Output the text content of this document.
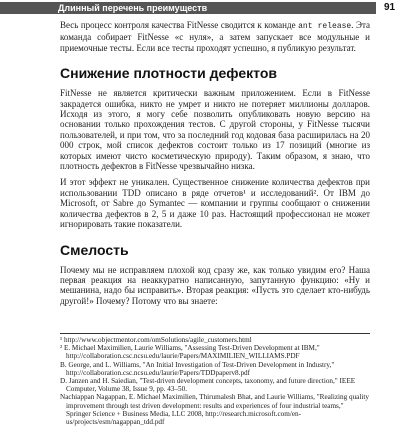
Длинный перечень преимуществ	91

Весь процесс контроля качества FitNesse сводится к команде ant release. Эта команда собирает FitNesse «с нуля», а затем запускает все модульные и приемочные тесты. Если все тесты проходят успешно, я публикую результат.

Снижение плотности дефектов

FitNesse не является критически важным приложением. Если в FitNesse закрадется ошибка, никто не умрет и никто не потеряет миллионы долларов. Исходя из этого, я могу себе позволить опубликовать новую версию на основании только прохождения тестов. С другой стороны, у FitNesse тысячи пользователей, и при том, что за последний год кодовая база расширилась на 20 000 строк, мой список дефектов состоит только из 17 позиций (многие из которых имеют чисто косметическую природу). Таким образом, я знаю, что плотность дефектов в FitNesse чрезвычайно низка.

И этот эффект не уникален. Существенное снижение количества дефектов при использовании TDD описано в ряде отчетов¹ и исследований². От IBM до Microsoft, от Sabre до Symantec — компании и группы сообщают о снижении количества дефектов в 2, 5 и даже 10 раз. Настоящий профессионал не может игнорировать такие показатели.

Смелость

Почему мы не исправляем плохой код сразу же, как только увидим его? Наша первая реакция на неаккуратно написанную, запутанную функцию: «Ну и мешанина, надо бы исправить». Вторая реакция: «Пусть это сделает кто-нибудь другой!» Почему? Потому что вы знаете:

¹ http://www.objectmentor.com/omSolutions/agile_customers.html

² E. Michael Maximilien, Laurie Williams, "Assessing Test-Driven Development at IBM," http://collaboration.csc.ncsu.edu/laurie/Papers/MAXIMILIEN_WILLIAMS.PDF

B. George, and L. Williams, "An Initial Investigation of Test-Driven Development in Industry," http://collaboration.csc.ncsu.edu/laurie/Papers/TDDpaperv8.pdf

D. Janzen and H. Saiedian, "Test-driven development concepts, taxonomy, and future direction," IEEE Computer, Volume 38, Issue 9, pp. 43–50.

Nachiappan Nagappan, E. Michael Maximilien, Thirumalesh Bhat, and Laurie Williams, "Realizing quality improvement through test driven development: results and experiences of four industrial teams," Springer Science + Business Media, LLC 2008, http://research.microsoft.com/en-us/projects/esm/nagappan_tdd.pdf
